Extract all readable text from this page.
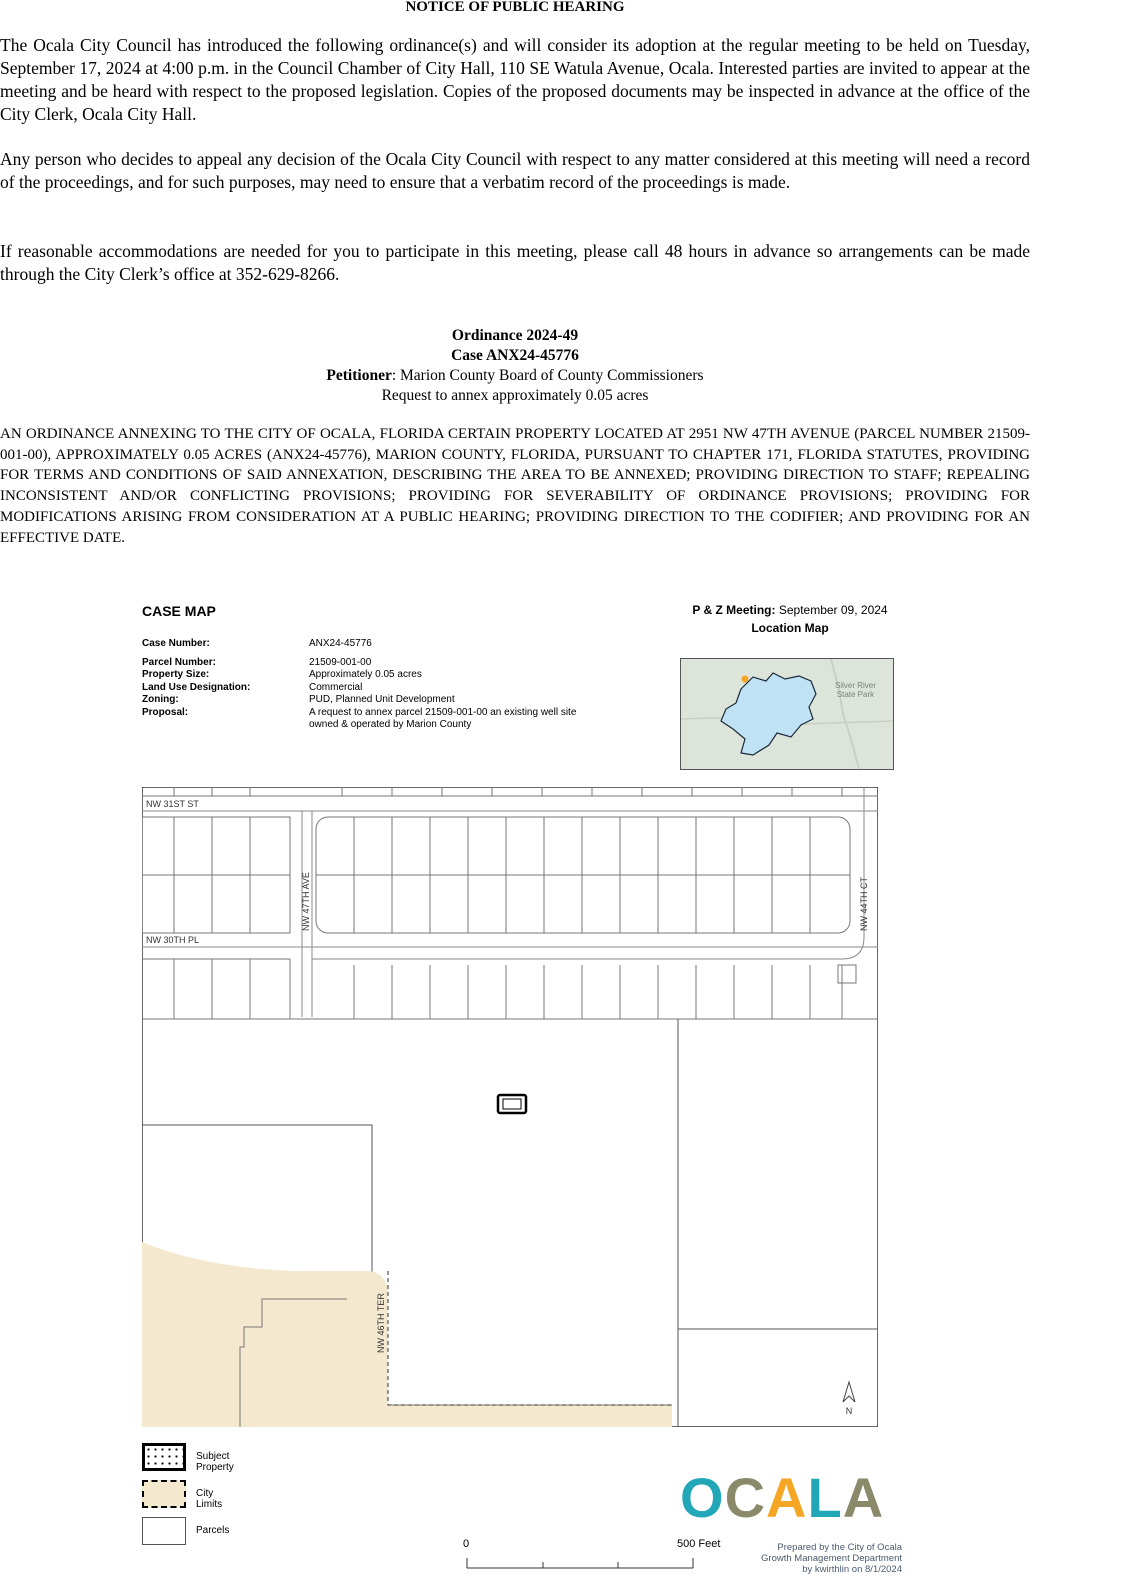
NOTICE OF PUBLIC HEARING

The Ocala City Council has introduced the following ordinance(s) and will consider its adoption at the regular meeting to be held on Tuesday, September 17, 2024 at 4:00 p.m. in the Council Chamber of City Hall, 110 SE Watula Avenue, Ocala. Interested parties are invited to appear at the meeting and be heard with respect to the proposed legislation. Copies of the proposed documents may be inspected in advance at the office of the City Clerk, Ocala City Hall.

Any person who decides to appeal any decision of the Ocala City Council with respect to any matter considered at this meeting will need a record of the proceedings, and for such purposes, may need to ensure that a verbatim record of the proceedings is made.

If reasonable accommodations are needed for you to participate in this meeting, please call 48 hours in advance so arrangements can be made through the City Clerk’s office at 352-629-8266.

Ordinance 2024-49
Case ANX24-45776
Petitioner: Marion County Board of County Commissioners
Request to annex approximately 0.05 acres

AN ORDINANCE ANNEXING TO THE CITY OF OCALA, FLORIDA CERTAIN PROPERTY LOCATED AT 2951 NW 47TH AVENUE (PARCEL NUMBER 21509-001-00), APPROXIMATELY 0.05 ACRES (ANX24-45776), MARION COUNTY, FLORIDA, PURSUANT TO CHAPTER 171, FLORIDA STATUTES, PROVIDING FOR TERMS AND CONDITIONS OF SAID ANNEXATION, DESCRIBING THE AREA TO BE ANNEXED; PROVIDING DIRECTION TO STAFF; REPEALING INCONSISTENT AND/OR CONFLICTING PROVISIONS; PROVIDING FOR SEVERABILITY OF ORDINANCE PROVISIONS; PROVIDING FOR MODIFICATIONS ARISING FROM CONSIDERATION AT A PUBLIC HEARING; PROVIDING DIRECTION TO THE CODIFIER; AND PROVIDING FOR AN EFFECTIVE DATE.

CASE MAP
Case Number:
Parcel Number:
Property Size:
Land Use Designation:
Zoning:
Proposal:
ANX24-45776
21509-001-00
Approximately 0.05 acres
Commercial
PUD, Planned Unit Development
A request to annex parcel 21509-001-00 an existing well site
owned & operated by Marion County
P & Z Meeting: September 09, 2024
Location Map
Silver River
State Park
NW 31ST ST
NW 30TH PL
NW 47TH AVE	NW 44TH CT
NW 46TH TER
N
Subject Property
City Limits
Parcels
0	500 Feet
OCALA
Prepared by the City of Ocala
Growth Management Department
by kwirthlin on 8/1/2024
